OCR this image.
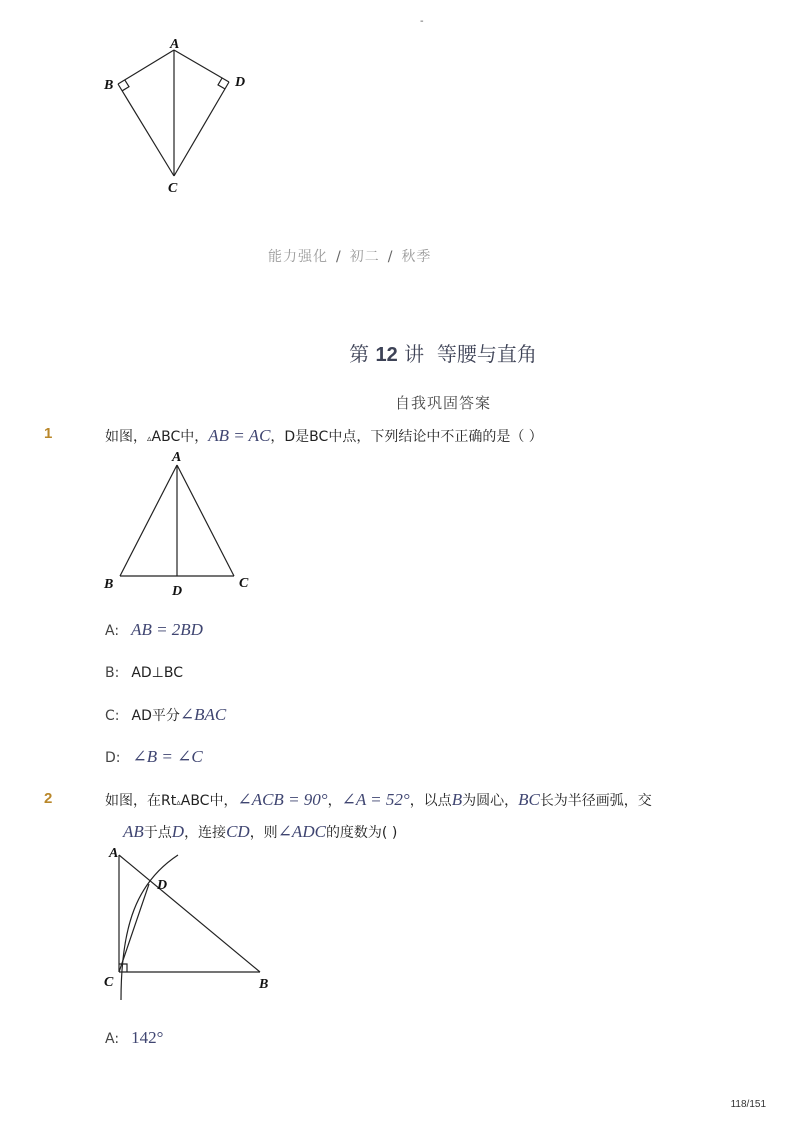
-
A
B
C
D
能力强化 / 初二 / 秋季
第 12 讲 等腰与直角
自我巩固答案
1	如图，▵ABC中，AB = AC，D是BC中点，下列结论中不正确的是（ ）
A
B	C
D
A: AB = 2BD
B: AD⊥BC
C: AD平分∠BAC
D: ∠B = ∠C
2	如图，在Rt▵ABC中，∠ACB = 90°，∠A = 52°，以点B为圆心，BC长为半径画弧，交
AB于点D，连接CD，则∠ADC的度数为( )
A
D
C	B
A: 142°
118/151
